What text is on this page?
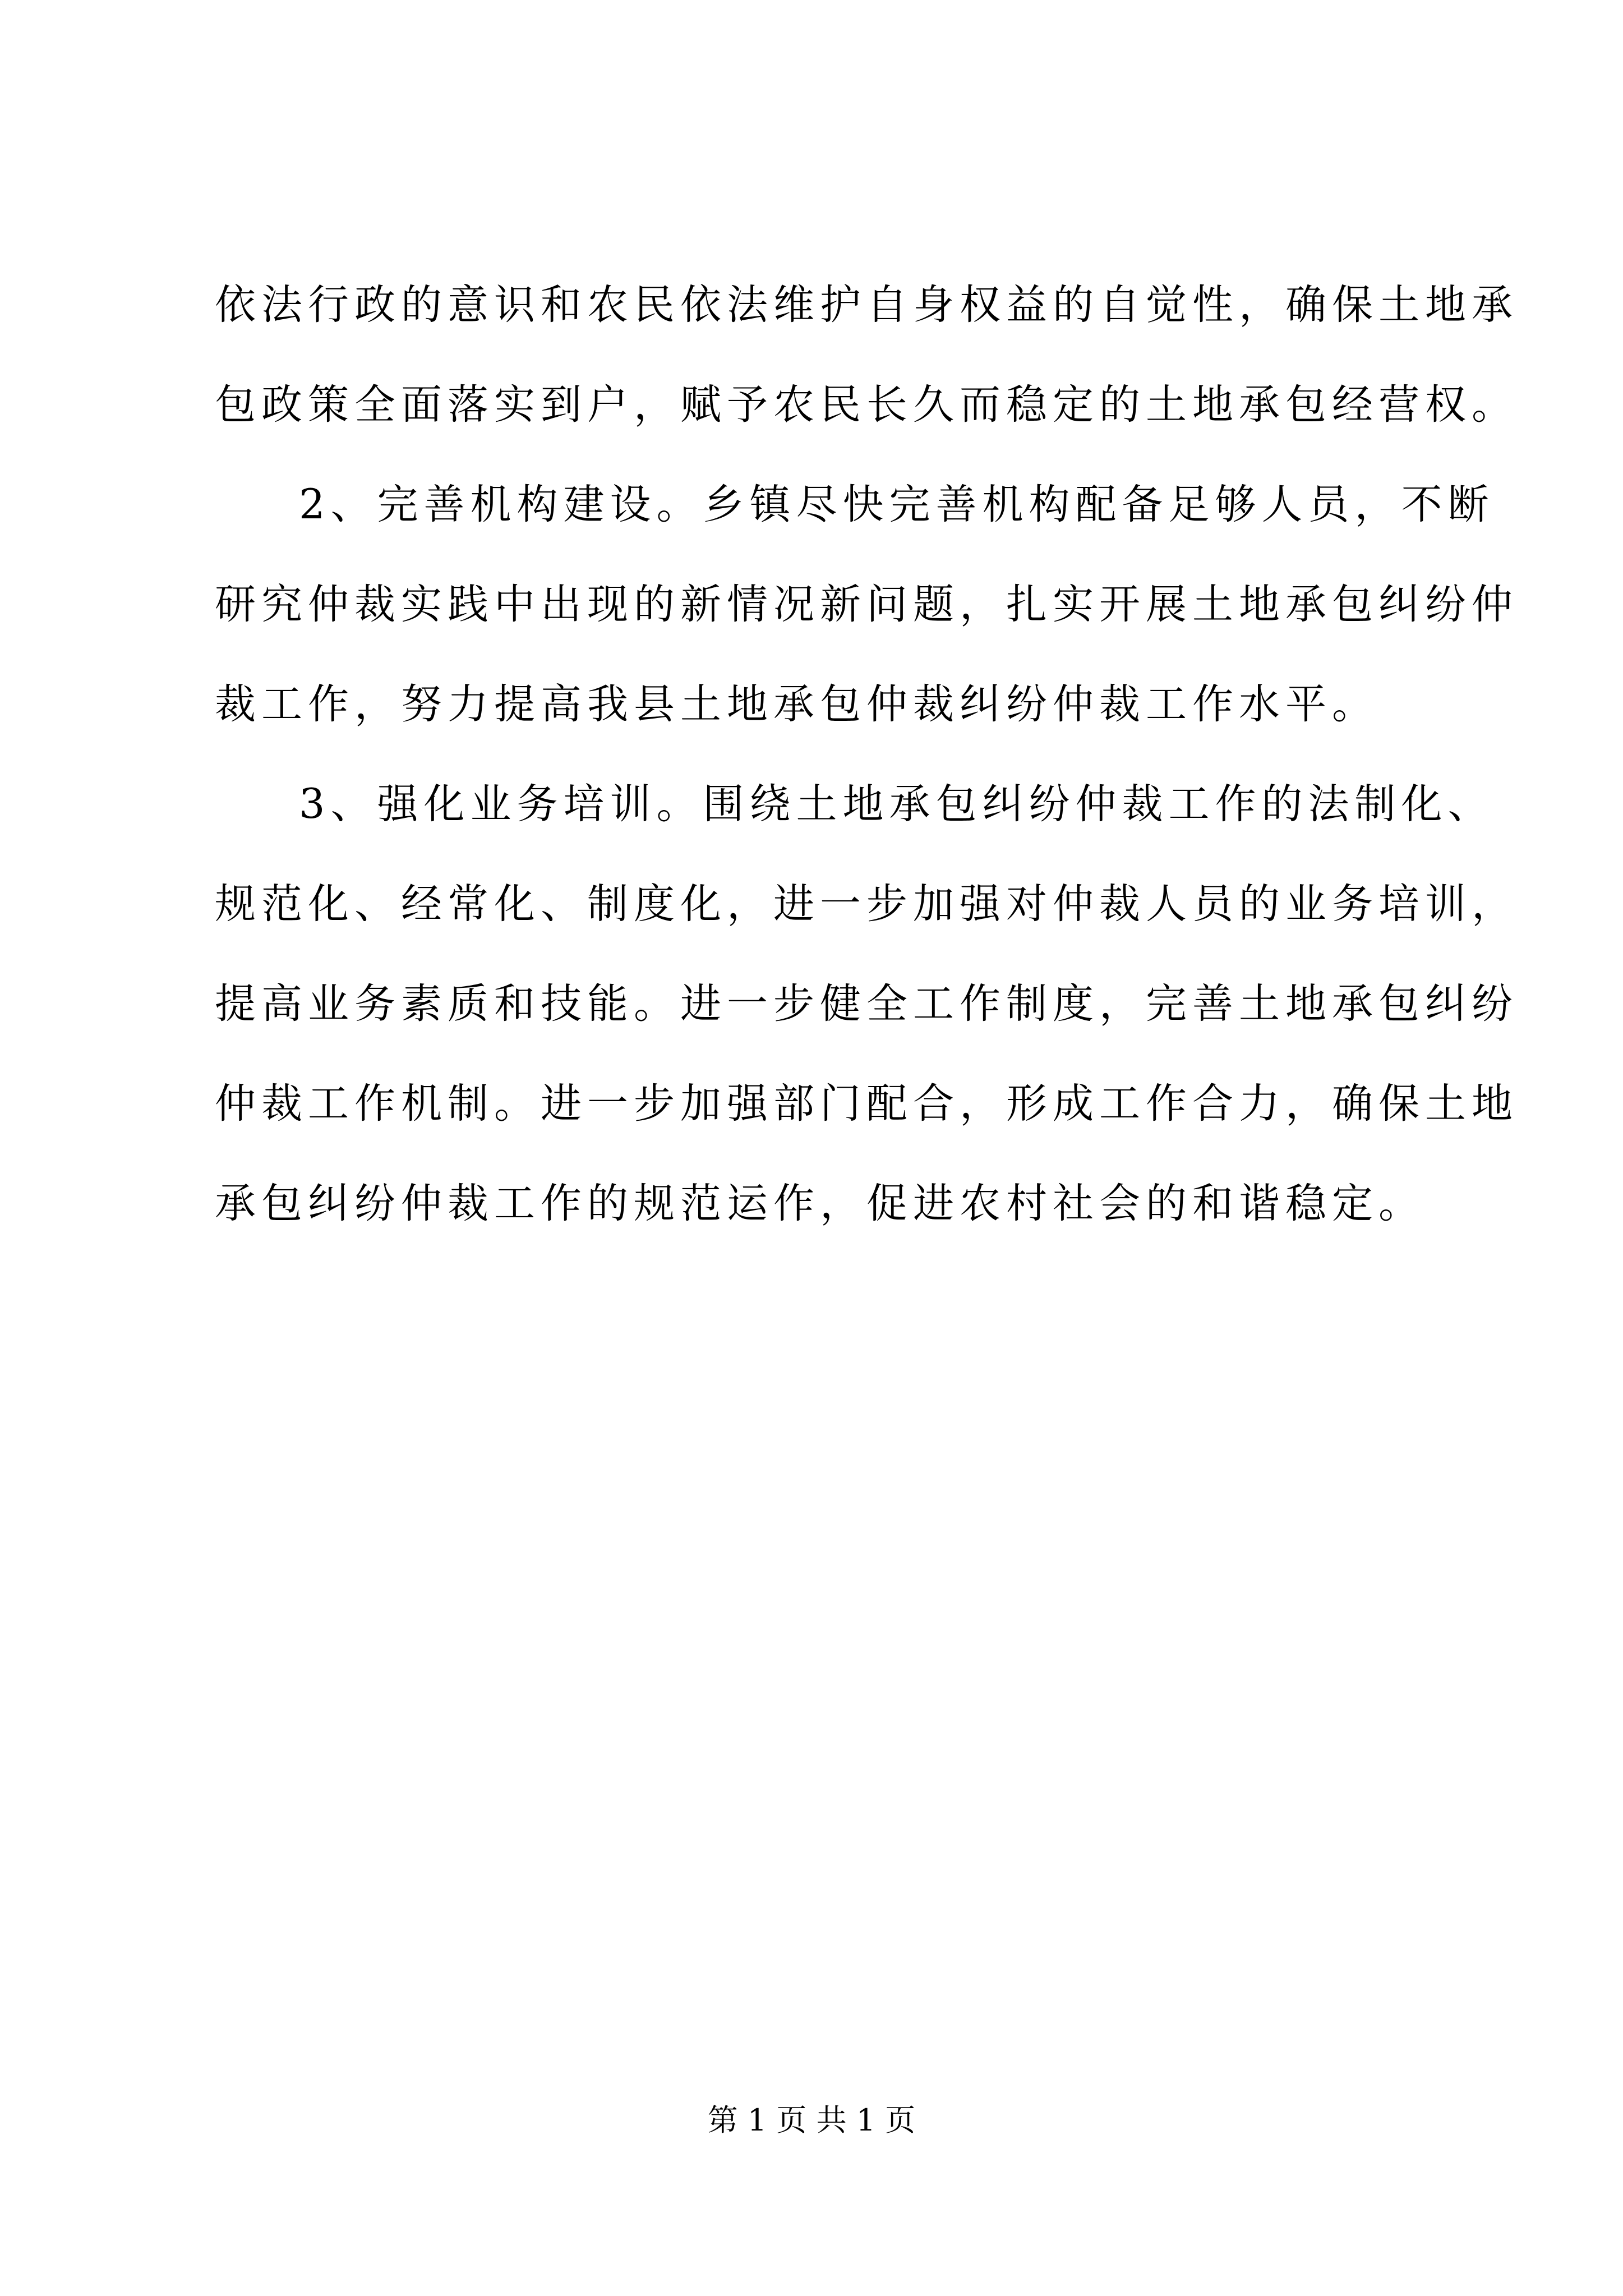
依法行政的意识和农民依法维护自身权益的自觉性，确保土地承
包政策全面落实到户，赋予农民长久而稳定的土地承包经营权。
2、完善机构建设。乡镇尽快完善机构配备足够人员，不断
研究仲裁实践中出现的新情况新问题，扎实开展土地承包纠纷仲
裁工作，努力提高我县土地承包仲裁纠纷仲裁工作水平。
3、强化业务培训。围绕土地承包纠纷仲裁工作的法制化、
规范化、经常化、制度化，进一步加强对仲裁人员的业务培训，
提高业务素质和技能。进一步健全工作制度，完善土地承包纠纷
仲裁工作机制。进一步加强部门配合，形成工作合力，确保土地
承包纠纷仲裁工作的规范运作，促进农村社会的和谐稳定。
第 1 页 共 1 页
